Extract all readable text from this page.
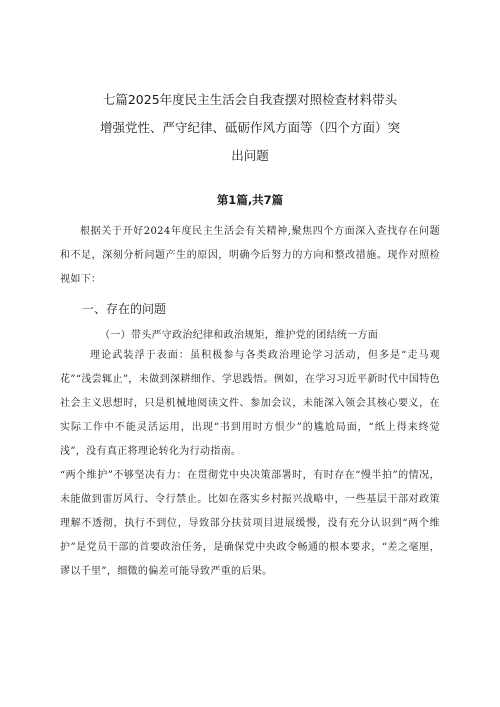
七篇2025年度民主生活会自我查摆对照检查材料带头
增强党性、严守纪律、砥砺作风方面等（四个方面）突
出问题
第1篇,共7篇
根据关于开好2024年度民主生活会有关精神,聚焦四个方面深入查找存在问题和不足，深刻分析问题产生的原因，明确今后努力的方向和整改措施。现作对照检视如下：
一、存在的问题
（一）带头严守政治纪律和政治规矩，维护党的团结统一方面
理论武装浮于表面：虽积极参与各类政治理论学习活动，但多是“走马观花”“浅尝辄止”，未做到深耕细作、学思践悟。例如，在学习习近平新时代中国特色社会主义思想时，只是机械地阅读文件、参加会议，未能深入领会其核心要义，在实际工作中不能灵活运用，出现“书到用时方恨少”的尴尬局面，“纸上得来终觉浅”，没有真正将理论转化为行动指南。
“两个维护”不够坚决有力：在贯彻党中央决策部署时，有时存在“慢半拍”的情况，未能做到雷厉风行、令行禁止。比如在落实乡村振兴战略中，一些基层干部对政策理解不透彻，执行不到位，导致部分扶贫项目进展缓慢，没有充分认识到“两个维护”是党员干部的首要政治任务，是确保党中央政令畅通的根本要求，“差之毫厘，谬以千里”，细微的偏差可能导致严重的后果。
